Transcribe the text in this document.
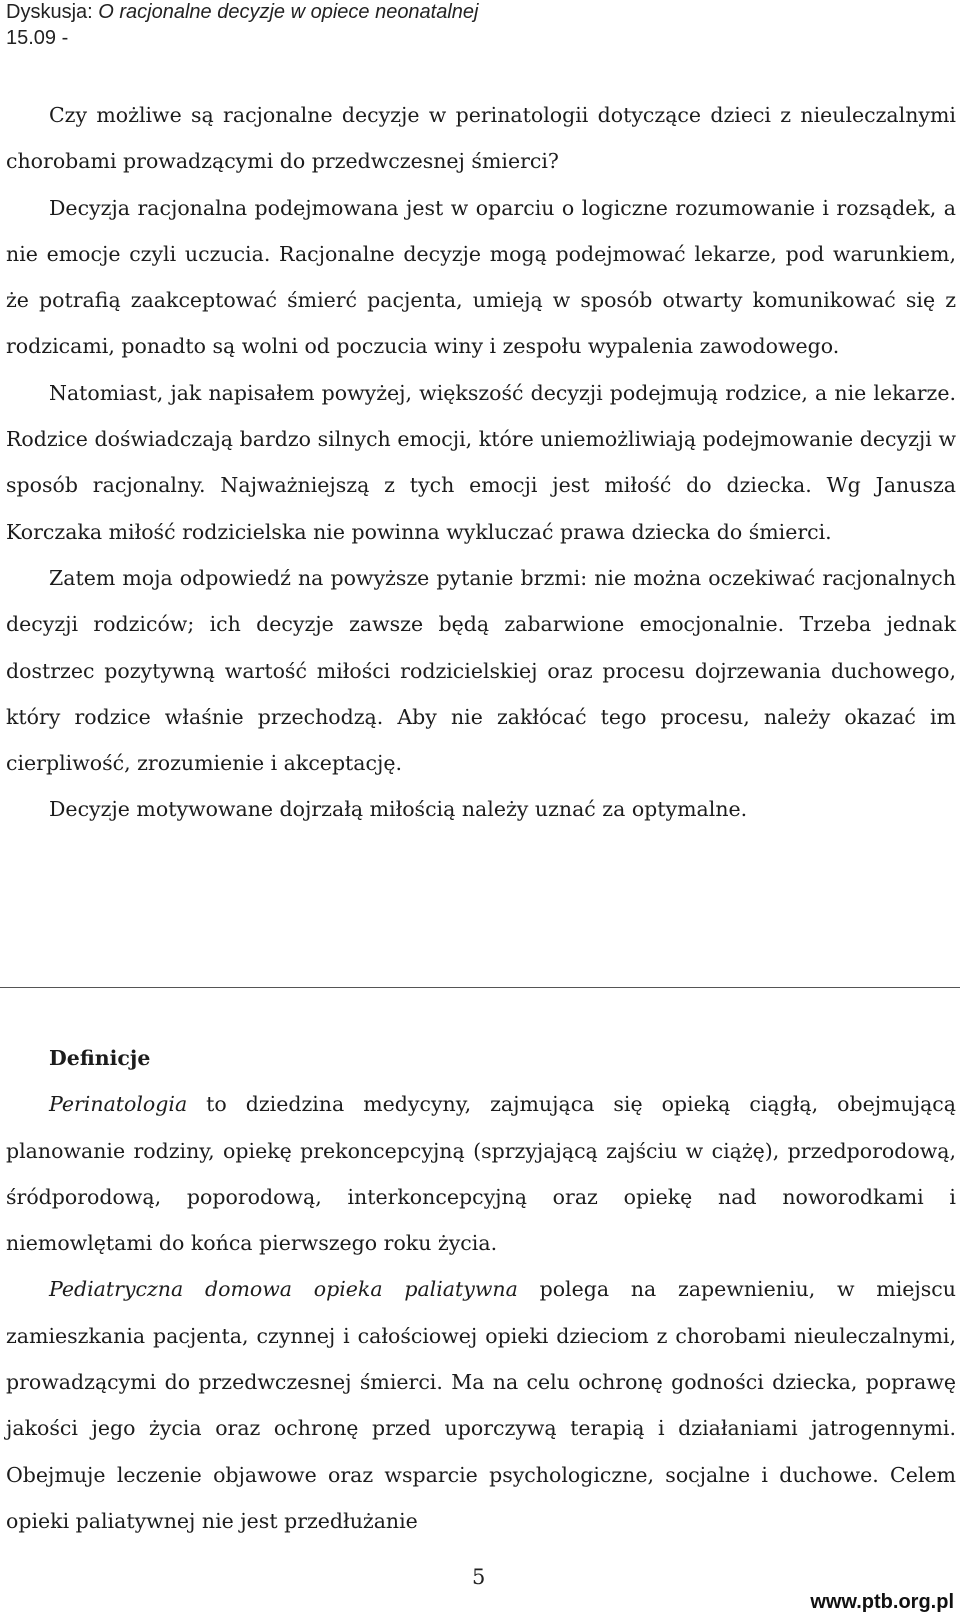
Dyskusja: O racjonalne decyzje w opiece neonatalnej
15.09 -

Czy możliwe są racjonalne decyzje w perinatologii dotyczące dzieci z nieuleczalnymi chorobami prowadzącymi do przedwczesnej śmierci?

Decyzja racjonalna podejmowana jest w oparciu o logiczne rozumowanie i rozsądek, a nie emocje czyli uczucia. Racjonalne decyzje mogą podejmować lekarze, pod warunkiem, że potrafią zaakceptować śmierć pacjenta, umieją w sposób otwarty komunikować się z rodzicami, ponadto są wolni od poczucia winy i zespołu wypalenia zawodowego.

Natomiast, jak napisałem powyżej, większość decyzji podejmują rodzice, a nie lekarze. Rodzice doświadczają bardzo silnych emocji, które uniemożliwiają podejmowanie decyzji w sposób racjonalny. Najważniejszą z tych emocji jest miłość do dziecka. Wg Janusza Korczaka miłość rodzicielska nie powinna wykluczać prawa dziecka do śmierci.

Zatem moja odpowiedź na powyższe pytanie brzmi: nie można oczekiwać racjonalnych decyzji rodziców; ich decyzje zawsze będą zabarwione emocjonalnie. Trzeba jednak dostrzec pozytywną wartość miłości rodzicielskiej oraz procesu dojrzewania duchowego, który rodzice właśnie przechodzą. Aby nie zakłócać tego procesu, należy okazać im cierpliwość, zrozumienie i akceptację.

Decyzje motywowane dojrzałą miłością należy uznać za optymalne.

Definicje

Perinatologia to dziedzina medycyny, zajmująca się opieką ciągłą, obejmującą planowanie rodziny, opiekę prekoncepcyjną (sprzyjającą zajściu w ciążę), przedporodową, śródporodową, poporodową, interkoncepcyjną oraz opiekę nad noworodkami i niemowlętami do końca pierwszego roku życia.

Pediatryczna domowa opieka paliatywna polega na zapewnieniu, w miejscu zamieszkania pacjenta, czynnej i całościowej opieki dzieciom z chorobami nieuleczalnymi, prowadzącymi do przedwczesnej śmierci. Ma na celu ochronę godności dziecka, poprawę jakości jego życia oraz ochronę przed uporczywą terapią i działaniami jatrogennymi. Obejmuje leczenie objawowe oraz wsparcie psychologiczne, socjalne i duchowe. Celem opieki paliatywnej nie jest przedłużanie

5
www.ptb.org.pl
